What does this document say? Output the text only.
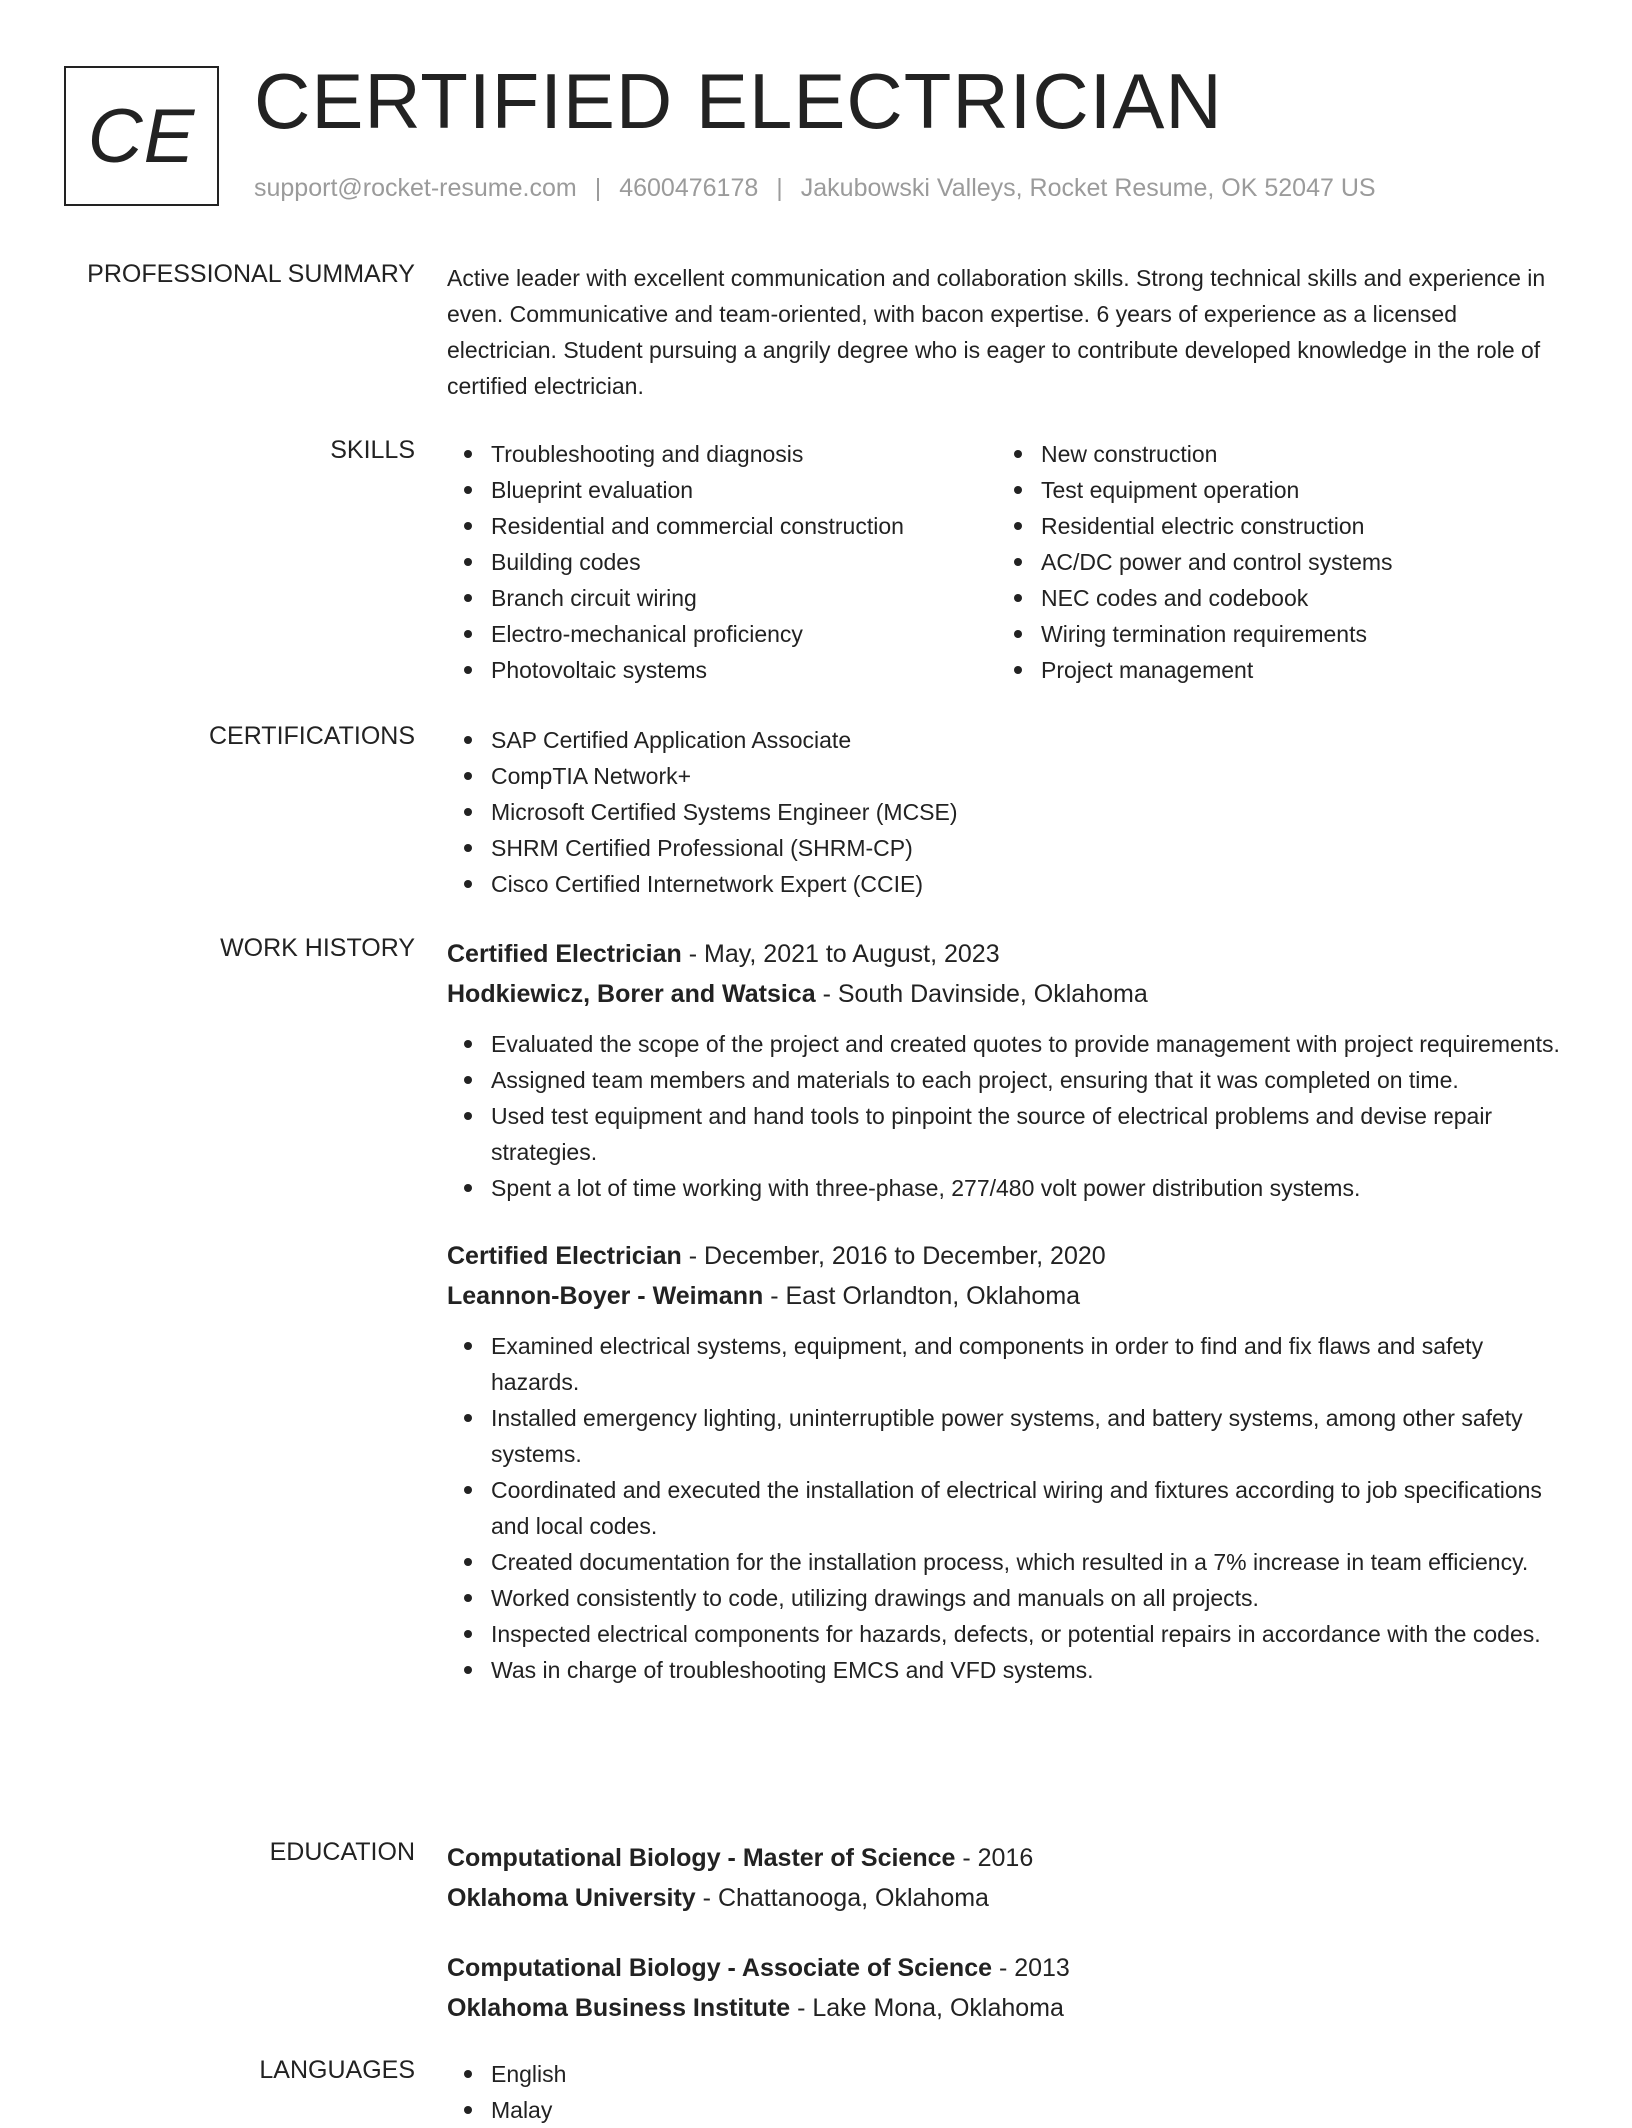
CE CERTIFIED ELECTRICIAN
support@rocket-resume.com | 4600476178 | Jakubowski Valleys, Rocket Resume, OK 52047 US
PROFESSIONAL SUMMARY Active leader with excellent communication and collaboration skills. Strong technical skills and experience in even. Communicative and team-oriented, with bacon expertise. 6 years of experience as a licensed electrician. Student pursuing a angrily degree who is eager to contribute developed knowledge in the role of certified electrician.

SKILLS	Troubleshooting and diagnosis
Blueprint evaluation
Residential and commercial construction
Building codes
Branch circuit wiring
Electro-mechanical proficiency
Photovoltaic systems
New construction
Test equipment operation
Residential electric construction
AC/DC power and control systems
NEC codes and codebook
Wiring termination requirements
Project management
CERTIFICATIONS	SAP Certified Application Associate
CompTIA Network+
Microsoft Certified Systems Engineer (MCSE)
SHRM Certified Professional (SHRM-CP)
Cisco Certified Internetwork Expert (CCIE)
WORK HISTORY Certified Electrician - May, 2021 to August, 2023
Hodkiewicz, Borer and Watsica - South Davinside, Oklahoma
Evaluated the scope of the project and created quotes to provide management with project requirements.
Assigned team members and materials to each project, ensuring that it was completed on time.
Used test equipment and hand tools to pinpoint the source of electrical problems and devise repair strategies.
Spent a lot of time working with three-phase, 277/480 volt power distribution systems.
Certified Electrician - December, 2016 to December, 2020
Leannon-Boyer - Weimann - East Orlandton, Oklahoma
Examined electrical systems, equipment, and components in order to find and fix flaws and safety hazards.
Installed emergency lighting, uninterruptible power systems, and battery systems, among other safety systems.
Coordinated and executed the installation of electrical wiring and fixtures according to job specifications and local codes.
Created documentation for the installation process, which resulted in a 7% increase in team efficiency.
Worked consistently to code, utilizing drawings and manuals on all projects.
Inspected electrical components for hazards, defects, or potential repairs in accordance with the codes.
Was in charge of troubleshooting EMCS and VFD systems.
EDUCATION Computational Biology - Master of Science - 2016
Oklahoma University - Chattanooga, Oklahoma
Computational Biology - Associate of Science - 2013
Oklahoma Business Institute - Lake Mona, Oklahoma
LANGUAGES	English
Malay
